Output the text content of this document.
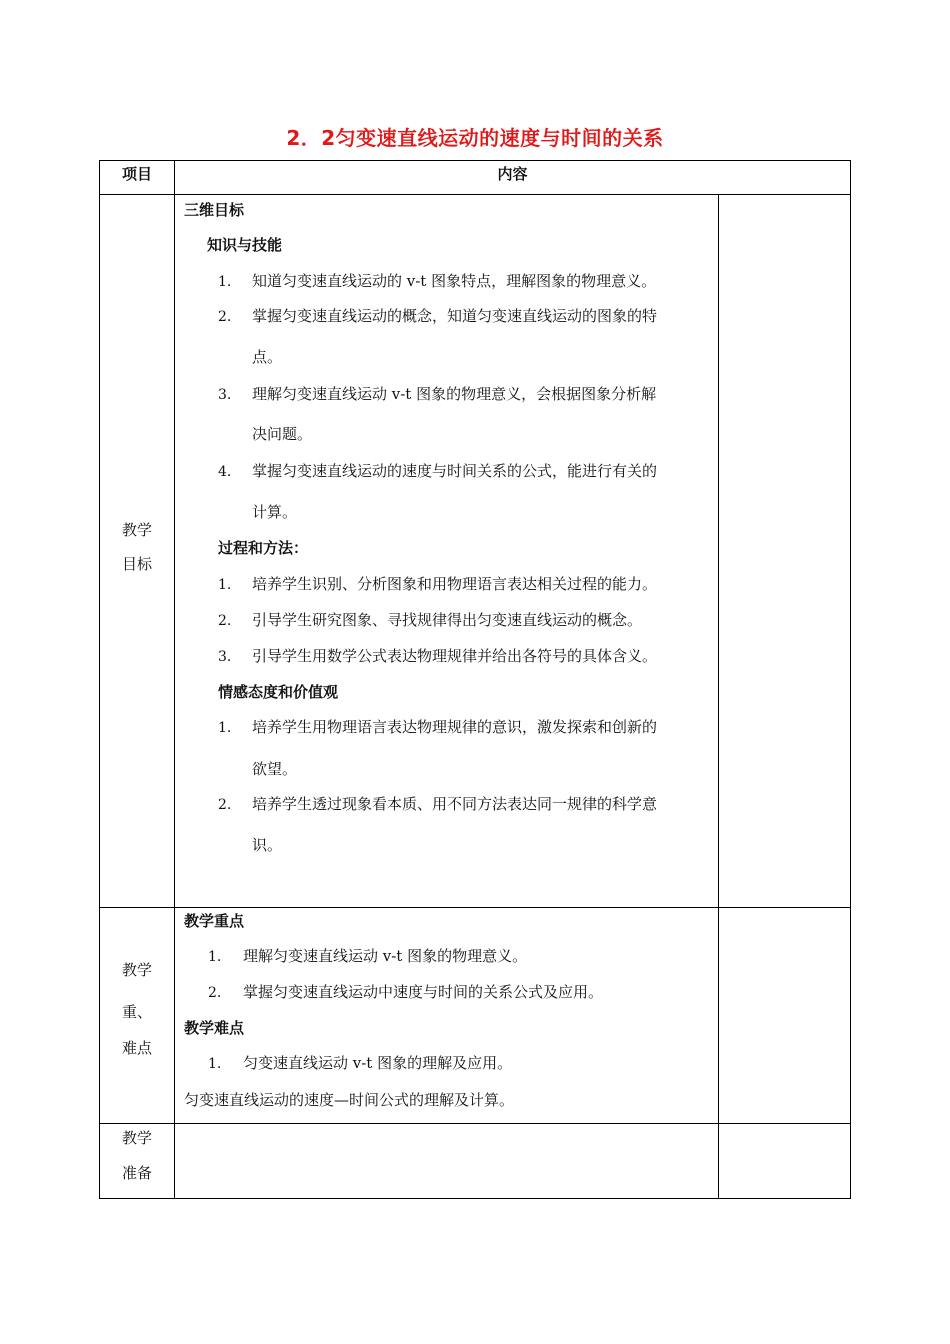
2．2匀变速直线运动的速度与时间的关系
项目	内容
教学
目标
三维目标
知识与技能
1. 知道匀变速直线运动的 v-t 图象特点，理解图象的物理意义。
2. 掌握匀变速直线运动的概念，知道匀变速直线运动的图象的特
点。
3. 理解匀变速直线运动 v-t 图象的物理意义，会根据图象分析解
决问题。
4. 掌握匀变速直线运动的速度与时间关系的公式，能进行有关的
计算。
过程和方法：
1. 培养学生识别、分析图象和用物理语言表达相关过程的能力。
2. 引导学生研究图象、寻找规律得出匀变速直线运动的概念。
3. 引导学生用数学公式表达物理规律并给出各符号的具体含义。
情感态度和价值观
1. 培养学生用物理语言表达物理规律的意识，激发探索和创新的
欲望。
2. 培养学生透过现象看本质、用不同方法表达同一规律的科学意
识。
教学
重、
难点
教学重点
1. 理解匀变速直线运动 v-t 图象的物理意义。
2. 掌握匀变速直线运动中速度与时间的关系公式及应用。
教学难点
1. 匀变速直线运动 v-t 图象的理解及应用。
匀变速直线运动的速度—时间公式的理解及计算。
教学
准备
